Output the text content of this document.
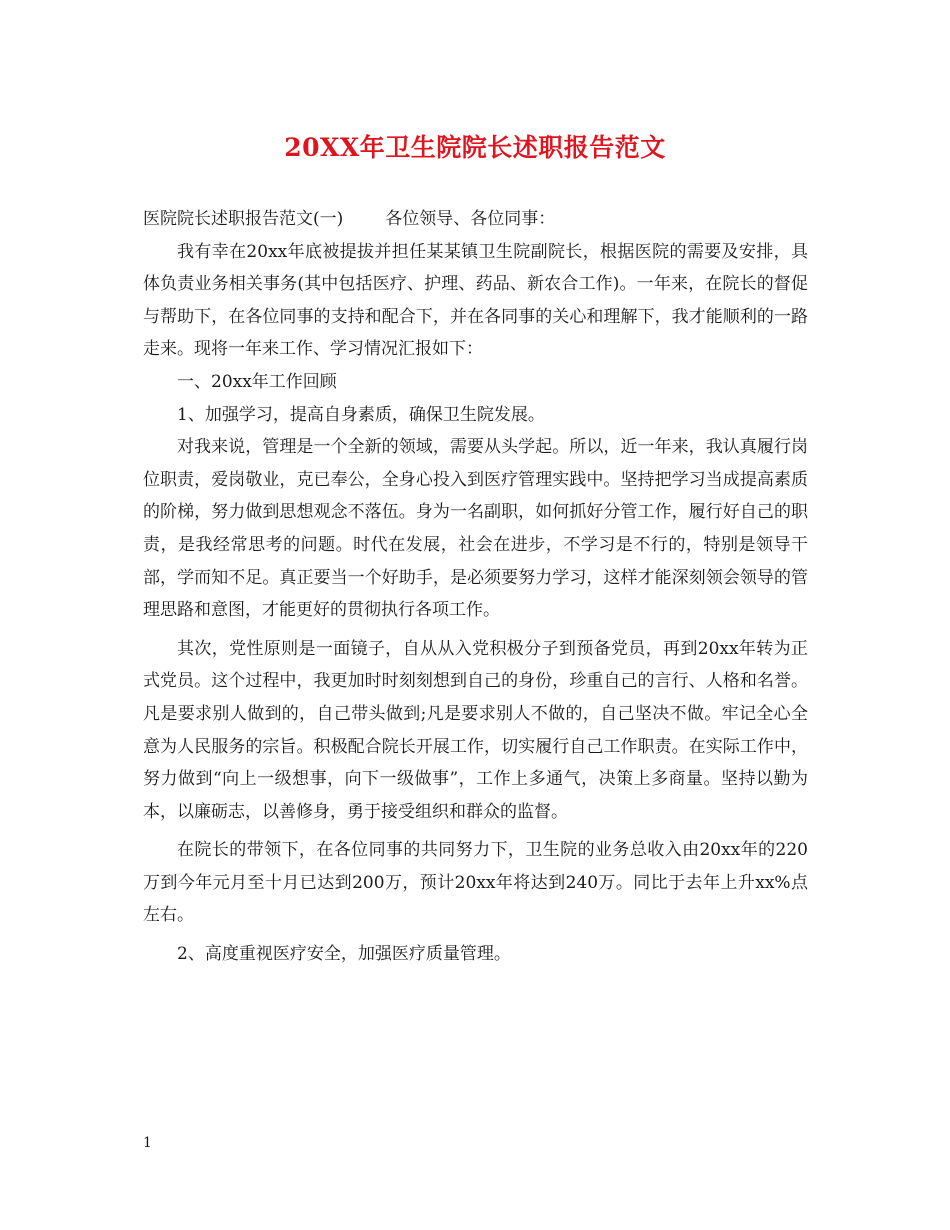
20XX年卫生院院长述职报告范文

医院院长述职报告范文(一) 各位领导、各位同事：

我有幸在20xx年底被提拔并担任某某镇卫生院副院长，根据医院的需要及安排，具体负责业务相关事务(其中包括医疗、护理、药品、新农合工作)。一年来，在院长的督促与帮助下，在各位同事的支持和配合下，并在各同事的关心和理解下，我才能顺利的一路走来。现将一年来工作、学习情况汇报如下：

一、20xx年工作回顾

1、加强学习，提高自身素质，确保卫生院发展。

对我来说，管理是一个全新的领域，需要从头学起。所以，近一年来，我认真履行岗位职责，爱岗敬业，克已奉公，全身心投入到医疗管理实践中。坚持把学习当成提高素质的阶梯，努力做到思想观念不落伍。身为一名副职，如何抓好分管工作，履行好自己的职责，是我经常思考的问题。时代在发展，社会在进步，不学习是不行的，特别是领导干部，学而知不足。真正要当一个好助手，是必须要努力学习，这样才能深刻领会领导的管理思路和意图，才能更好的贯彻执行各项工作。

其次，党性原则是一面镜子，自从从入党积极分子到预备党员，再到20xx年转为正式党员。这个过程中，我更加时时刻刻想到自己的身份，珍重自己的言行、人格和名誉。凡是要求别人做到的，自己带头做到;凡是要求别人不做的，自己坚决不做。牢记全心全意为人民服务的宗旨。积极配合院长开展工作，切实履行自己工作职责。在实际工作中，努力做到“向上一级想事，向下一级做事”，工作上多通气，决策上多商量。坚持以勤为本，以廉砺志，以善修身，勇于接受组织和群众的监督。

在院长的带领下，在各位同事的共同努力下，卫生院的业务总收入由20xx年的220万到今年元月至十月已达到200万，预计20xx年将达到240万。同比于去年上升xx%点左右。

2、高度重视医疗安全，加强医疗质量管理。

1
